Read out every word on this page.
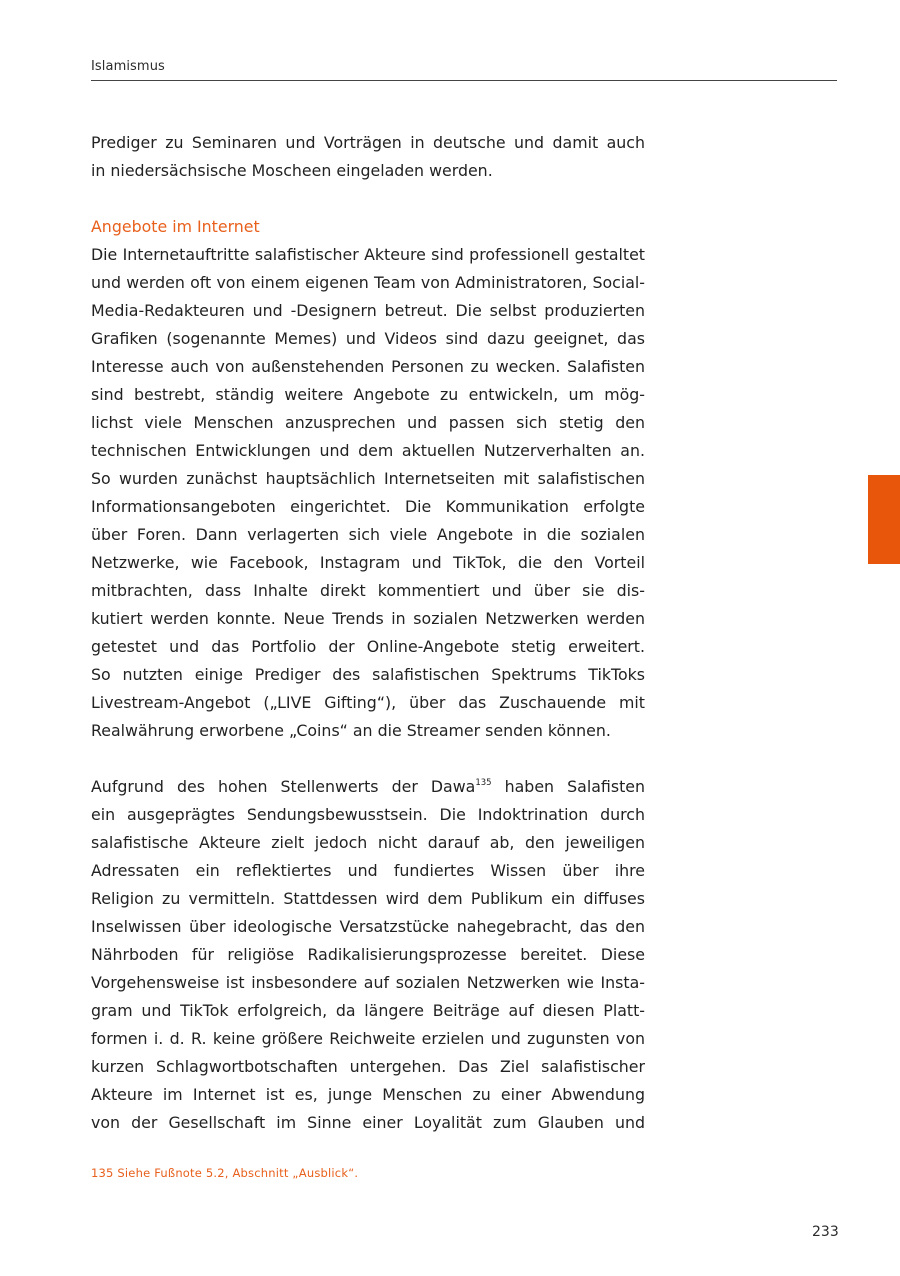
Islamismus
Prediger zu Seminaren und Vorträgen in deutsche und damit auch
in niedersächsische Moscheen eingeladen werden.
Angebote im Internet
Die Internetauftritte salafistischer Akteure sind professionell gestaltet
und werden oft von einem eigenen Team von Administratoren, Social-
Media-Redakteuren und -Designern betreut. Die selbst produzierten
Grafiken (sogenannte Memes) und Videos sind dazu geeignet, das
Interesse auch von außenstehenden Personen zu wecken. Salafisten
sind bestrebt, ständig weitere Angebote zu entwickeln, um mög-
lichst viele Menschen anzusprechen und passen sich stetig den
technischen Entwicklungen und dem aktuellen Nutzerverhalten an.
So wurden zunächst hauptsächlich Internetseiten mit salafistischen
Informationsangeboten eingerichtet. Die Kommunikation erfolgte
über Foren. Dann verlagerten sich viele Angebote in die sozialen
Netzwerke, wie Facebook, Instagram und TikTok, die den Vorteil
mitbrachten, dass Inhalte direkt kommentiert und über sie dis-
kutiert werden konnte. Neue Trends in sozialen Netzwerken werden
getestet und das Portfolio der Online-Angebote stetig erweitert.
So nutzten einige Prediger des salafistischen Spektrums TikToks
Livestream-Angebot („LIVE Gifting“), über das Zuschauende mit
Realwährung erworbene „Coins“ an die Streamer senden können.
Aufgrund des hohen Stellenwerts der Dawa$^{135}$ haben Salafisten
ein ausgeprägtes Sendungsbewusstsein. Die Indoktrination durch
salafistische Akteure zielt jedoch nicht darauf ab, den jeweiligen
Adressaten ein reflektiertes und fundiertes Wissen über ihre
Religion zu vermitteln. Stattdessen wird dem Publikum ein diffuses
Inselwissen über ideologische Versatzstücke nahegebracht, das den
Nährboden für religiöse Radikalisierungsprozesse bereitet. Diese
Vorgehensweise ist insbesondere auf sozialen Netzwerken wie Insta-
gram und TikTok erfolgreich, da längere Beiträge auf diesen Platt-
formen i. d. R. keine größere Reichweite erzielen und zugunsten von
kurzen Schlagwortbotschaften untergehen. Das Ziel salafistischer
Akteure im Internet ist es, junge Menschen zu einer Abwendung
von der Gesellschaft im Sinne einer Loyalität zum Glauben und
135 Siehe Fußnote 5.2, Abschnitt „Ausblick“.
233
